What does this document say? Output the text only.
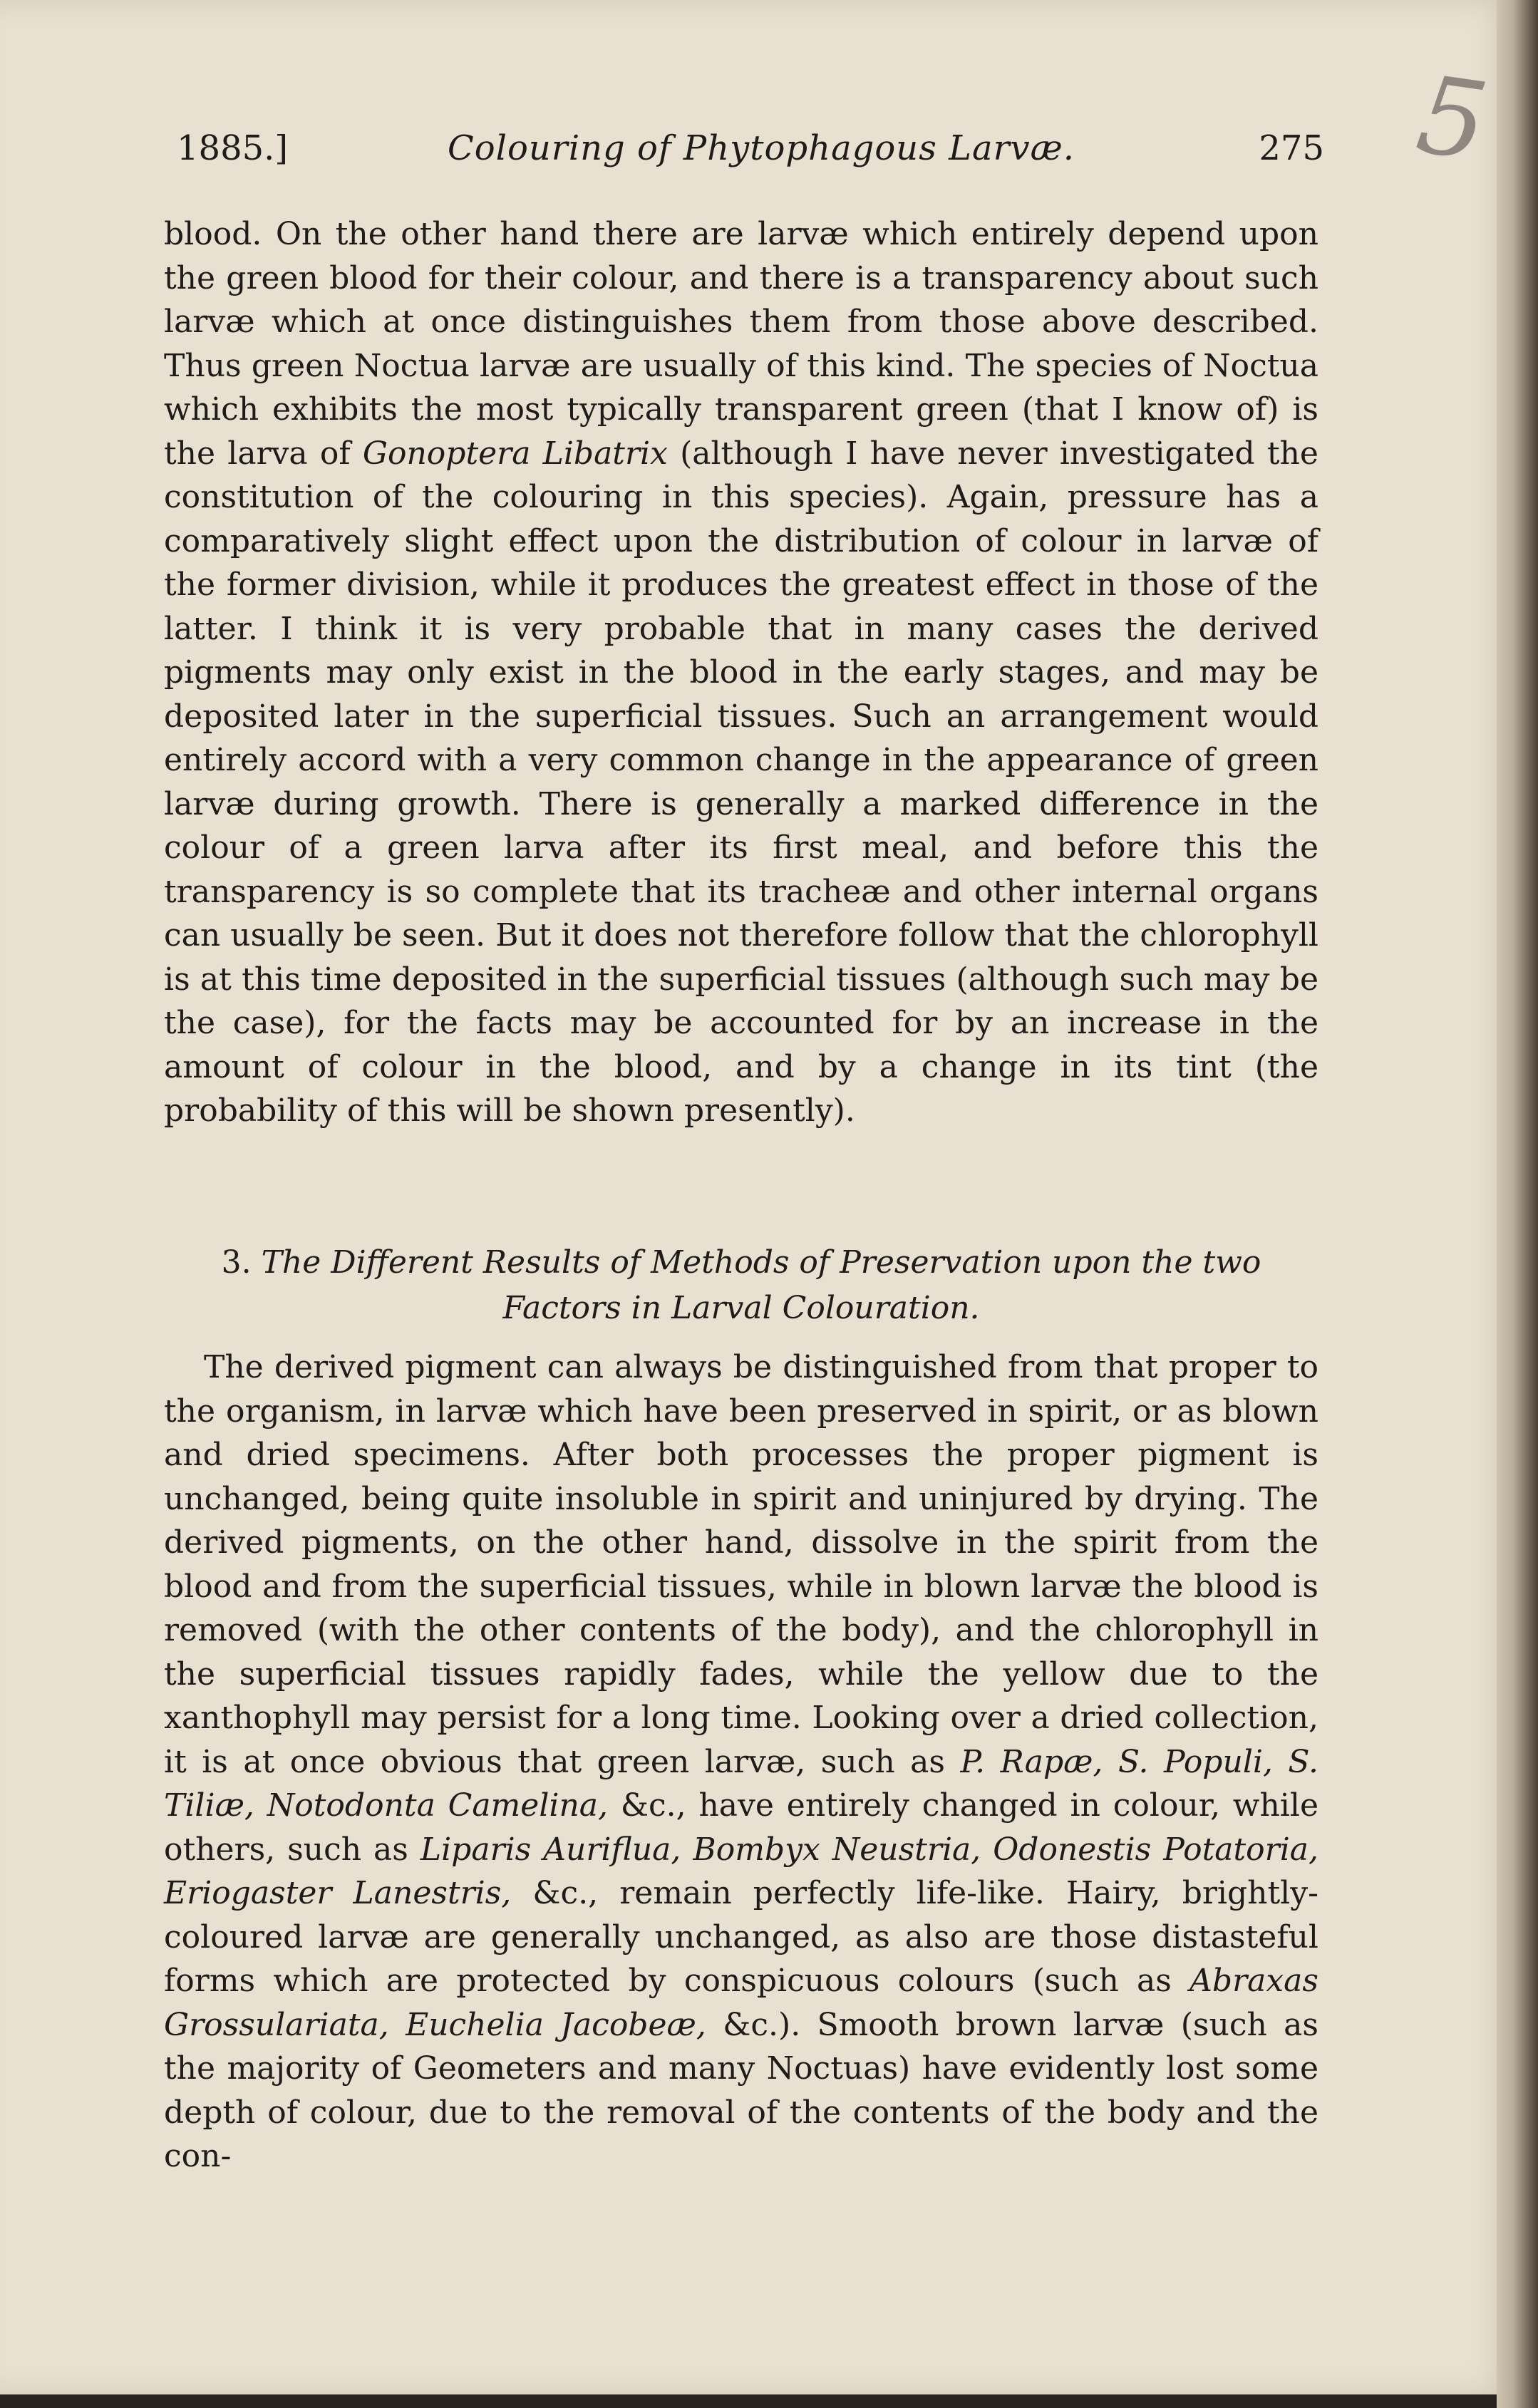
1885.]	Colouring of Phytophagous Larvæ.	275 5

blood. On the other hand there are larvæ which entirely depend upon the green blood for their colour, and there is a transparency about such larvæ which at once distinguishes them from those above described. Thus green Noctua larvæ are usually of this kind. The species of Noctua which exhibits the most typically transparent green (that I know of) is the larva of Gonoptera Libatrix (although I have never investigated the constitution of the colouring in this species). Again, pressure has a comparatively slight effect upon the distribution of colour in larvæ of the former division, while it produces the greatest effect in those of the latter. I think it is very probable that in many cases the derived pigments may only exist in the blood in the early stages, and may be deposited later in the superficial tissues. Such an arrangement would entirely accord with a very common change in the appearance of green larvæ during growth. There is generally a marked difference in the colour of a green larva after its first meal, and before this the transparency is so complete that its tracheæ and other internal organs can usually be seen. But it does not therefore follow that the chlorophyll is at this time deposited in the superficial tissues (although such may be the case), for the facts may be accounted for by an increase in the amount of colour in the blood, and by a change in its tint (the probability of this will be shown presently).

3. The Different Results of Methods of Preservation upon the two Factors in Larval Colouration.

The derived pigment can always be distinguished from that proper to the organism, in larvæ which have been preserved in spirit, or as blown and dried specimens. After both processes the proper pigment is unchanged, being quite insoluble in spirit and uninjured by drying. The derived pigments, on the other hand, dissolve in the spirit from the blood and from the superficial tissues, while in blown larvæ the blood is removed (with the other contents of the body), and the chlorophyll in the superficial tissues rapidly fades, while the yellow due to the xanthophyll may persist for a long time. Looking over a dried collection, it is at once obvious that green larvæ, such as P. Rapæ, S. Populi, S. Tiliæ, Notodonta Camelina, &c., have entirely changed in colour, while others, such as Liparis Auriflua, Bombyx Neustria, Odonestis Potatoria, Eriogaster Lanestris, &c., remain perfectly life-like. Hairy, brightly-coloured larvæ are generally unchanged, as also are those distasteful forms which are protected by conspicuous colours (such as Abraxas Grossulariata, Euchelia Jacobeæ, &c.). Smooth brown larvæ (such as the majority of Geometers and many Noctuas) have evidently lost some depth of colour, due to the removal of the contents of the body and the con-
